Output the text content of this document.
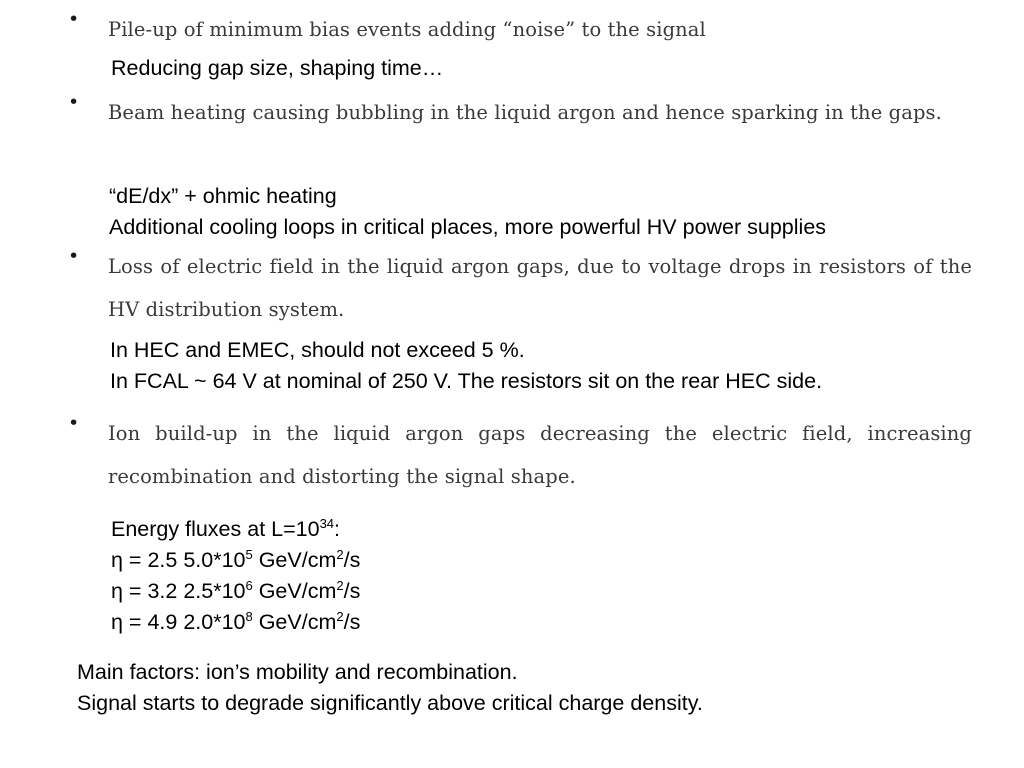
• Pile-up of minimum bias events adding “noise” to the signal
Reducing gap size, shaping time…
• Beam heating causing bubbling in the liquid argon and hence sparking in the gaps.
“dE/dx” + ohmic heating
Additional cooling loops in critical places, more powerful HV power supplies
• Loss of electric field in the liquid argon gaps, due to voltage drops in resistors of the HV distribution system.
In HEC and EMEC, should not exceed 5 %.
In FCAL ~ 64 V at nominal of 250 V. The resistors sit on the rear HEC side.
• Ion build-up in the liquid argon gaps decreasing the electric field, increasing recombination and distorting the signal shape.
Energy fluxes at $L=10^{34}$:
η = 2.5 $5.0*10^5$ GeV/$cm^2/s$
η = 3.2 $2.5*10^6$ GeV/$cm^2/s$
η = 4.9 $2.0*10^8$ GeV/$cm^2/s$
Main factors: ion’s mobility and recombination.
Signal starts to degrade significantly above critical charge density.
